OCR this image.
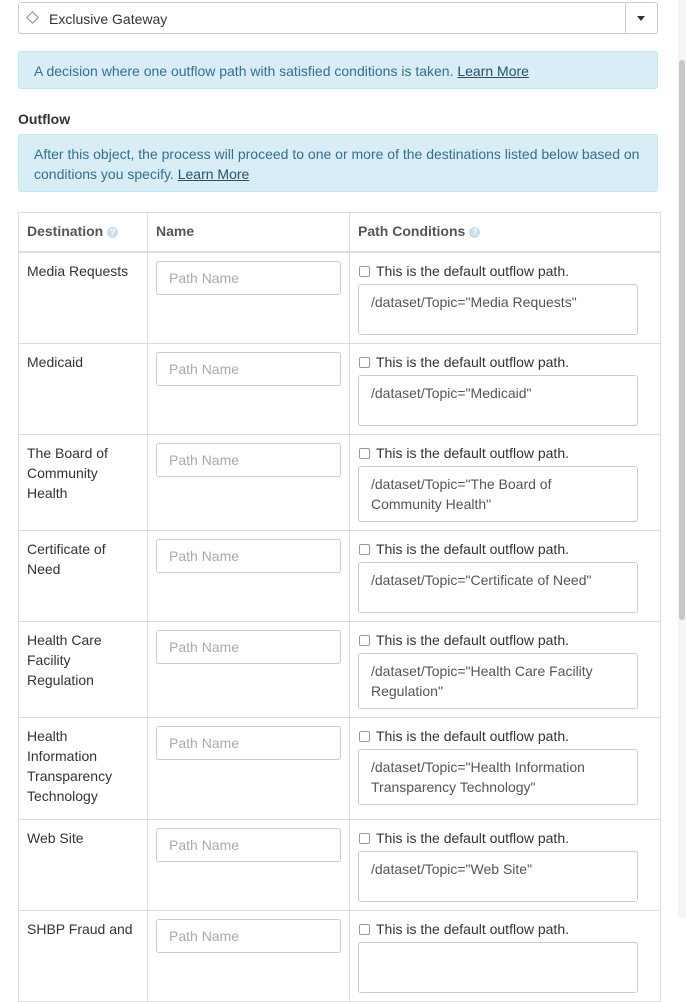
Exclusive Gateway
A decision where one outflow path with satisfied conditions is taken. Learn More
Outflow
After this object, the process will proceed to one or more of the destinations listed below based on conditions you specify. Learn More
Destination ?	Name	Path Conditions ?
Media Requests	Path Name	This is the default outflow path.
/dataset/Topic="Media Requests"

Medicaid	Path Name	This is the default outflow path.
/dataset/Topic="Medicaid"

The Board of Community Health	Path Name	This is the default outflow path.
/dataset/Topic="The Board of Community Health"

Certificate of Need	Path Name	This is the default outflow path.
/dataset/Topic="Certificate of Need"

Health Care Facility Regulation	Path Name	This is the default outflow path.
/dataset/Topic="Health Care Facility Regulation"

Health Information Transparency Technology	Path Name	This is the default outflow path.
/dataset/Topic="Health Information Transparency Technology"

Web Site	Path Name	This is the default outflow path.
/dataset/Topic="Web Site"

SHBP Fraud and	Path Name	This is the default outflow path.
